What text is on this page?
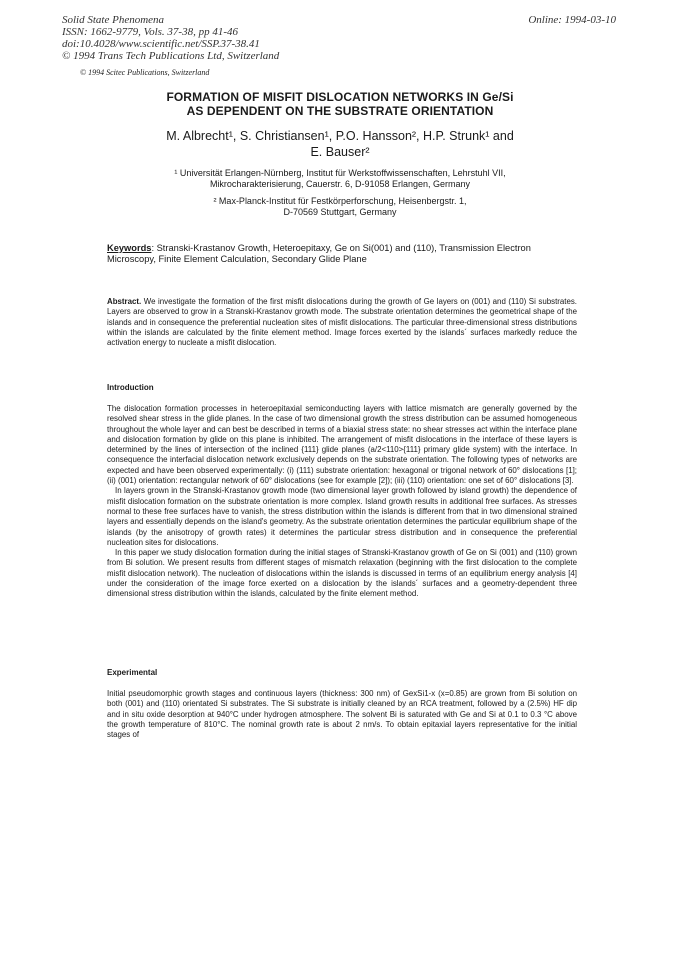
Solid State Phenomena
ISSN: 1662-9779, Vols. 37-38, pp 41-46
doi:10.4028/www.scientific.net/SSP.37-38.41
© 1994 Trans Tech Publications Ltd, Switzerland
Online: 1994-03-10
© 1994 Scitec Publications, Switzerland
FORMATION OF MISFIT DISLOCATION NETWORKS IN Ge/Si
AS DEPENDENT ON THE SUBSTRATE ORIENTATION
M. Albrecht¹, S. Christiansen¹, P.O. Hansson², H.P. Strunk¹ and
E. Bauser²
¹ Universität Erlangen-Nürnberg, Institut für Werkstoffwissenschaften, Lehrstuhl VII,
Mikrocharakterisierung, Cauerstr. 6, D-91058 Erlangen, Germany
² Max-Planck-Institut für Festkörperforschung, Heisenbergstr. 1,
D-70569 Stuttgart, Germany
Keywords: Stranski-Krastanov Growth, Heteroepitaxy, Ge on Si(001) and (110), Transmission Electron Microscopy, Finite Element Calculation, Secondary Glide Plane
Abstract. We investigate the formation of the first misfit dislocations during the growth of Ge layers on (001) and (110) Si substrates. Layers are observed to grow in a Stranski-Krastanov growth mode. The substrate orientation determines the geometrical shape of the islands and in consequence the preferential nucleation sites of misfit dislocations. The particular three-dimensional stress distributions within the islands are calculated by the finite element method. Image forces exerted by the islands´ surfaces markedly reduce the activation energy to nucleate a misfit dislocation.
Introduction

The dislocation formation processes in heteroepitaxial semiconducting layers with lattice mismatch are generally governed by the resolved shear stress in the glide planes. In the case of two dimensional growth the stress distribution can be assumed homogeneous throughout the whole layer and can best be described in terms of a biaxial stress state: no shear stresses act within the interface plane and dislocation formation by glide on this plane is inhibited. The arrangement of misfit dislocations in the interface of these layers is determined by the lines of intersection of the inclined {111} glide planes (a/2<110>{111} primary glide system) with the interface. In consequence the interfacial dislocation network exclusively depends on the substrate orientation. The following types of networks are expected and have been observed experimentally: (i) (111) substrate orientation: hexagonal or trigonal network of 60° dislocations [1]; (ii) (001) orientation: rectangular network of 60° dislocations (see for example [2]); (iii) (110) orientation: one set of 60° dislocations [3].

In layers grown in the Stranski-Krastanov growth mode (two dimensional layer growth followed by island growth) the dependence of misfit dislocation formation on the substrate orientation is more complex. Island growth results in additional free surfaces. As stresses normal to these free surfaces have to vanish, the stress distribution within the islands is different from that in two dimensional strained layers and essentially depends on the island's geometry. As the substrate orientation determines the particular equilibrium shape of the islands (by the anisotropy of growth rates) it determines the particular stress distribution and in consequence the preferential nucleation sites for dislocations.

In this paper we study dislocation formation during the initial stages of Stranski-Krastanov growth of Ge on Si (001) and (110) grown from Bi solution. We present results from different stages of mismatch relaxation (beginning with the first dislocation to the complete misfit dislocation network). The nucleation of dislocations within the islands is discussed in terms of an equilibrium energy analysis [4] under the consideration of the image force exerted on a dislocation by the islands´ surfaces and a geometry-dependent three dimensional stress distribution within the islands, calculated by the finite element method.

Experimental

Initial pseudomorphic growth stages and continuous layers (thickness: 300 nm) of GexSi1-x (x=0.85) are grown from Bi solution on both (001) and (110) orientated Si substrates. The Si substrate is initially cleaned by an RCA treatment, followed by a (2.5%) HF dip and in situ oxide desorption at 940°C under hydrogen atmosphere. The solvent Bi is saturated with Ge and Si at 0.1 to 0.3 °C above the growth temperature of 810°C. The nominal growth rate is about 2 nm/s. To obtain epitaxial layers representative for the initial stages of
